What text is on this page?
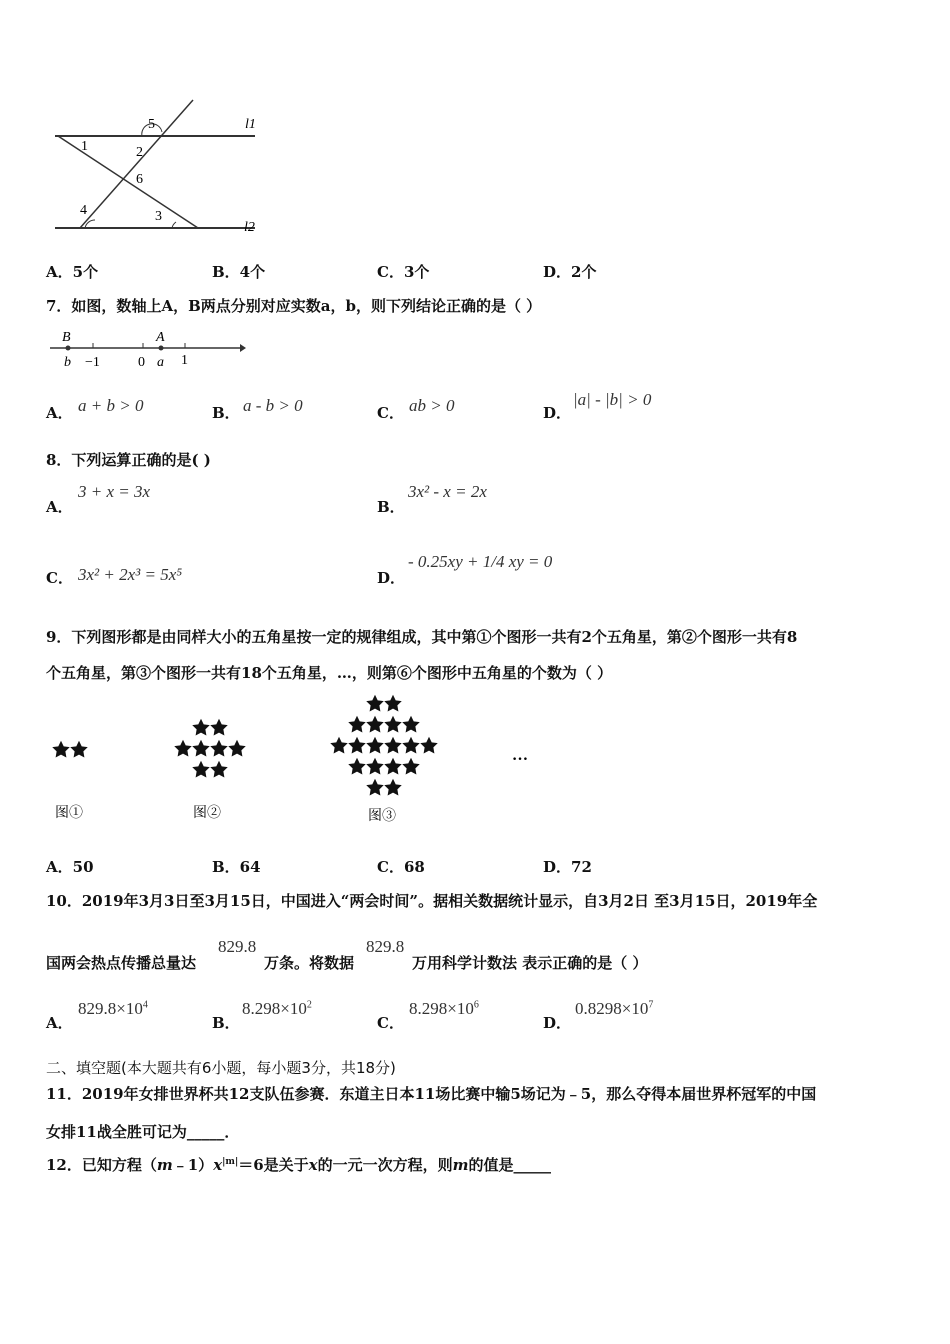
5
1	2
6
4	3
l1
l2
A．5个	B．4个	C．3个	D．2个
7．如图，数轴上A，B两点分别对应实数a，b，则下列结论正确的是（ ）
B
b −1	0
A
a 1
A． a + b > 0	B． a - b > 0	C． ab > 0	D．
|a| - |b| > 0
8．下列运算正确的是( )
A．
3 + x = 3x
B．
3x² - x = 2x
C． 3x² + 2x³ = 5x⁵	D．
- 0.25xy + 1/4 xy = 0
9．下列图形都是由同样大小的五角星按一定的规律组成，其中第①个图形一共有2个五角星，第②个图形一共有8
个五角星，第③个图形一共有18个五角星，…，则第⑥个图形中五角星的个数为（ ）
图①	图②	图③
…
A．50	B．64	C．68	D．72
10．2019年3月3日至3月15日，中国进入“两会时间”。据相关数据统计显示，自3月2日 至3月15日，2019年全
国两会热点传播总量达
829.8
万条。将数据
829.8
万用科学计数法 表示正确的是（ ）
A．
$829.8\times 10^4$
B．
$8.298\times 10^2$
C．
$8.298\times 10^6$
D．
$0.8298\times 10^7$
二、填空题(本大题共有6小题，每小题3分，共18分)
11．2019年女排世界杯共12支队伍参赛．东道主日本11场比赛中输5场记为﹣5，那么夺得本届世界杯冠军的中国
女排11战全胜可记为_____．
12．已知方程$(m﹣1)x^{|m|}=6$是关于x的一元一次方程，则m的值是_____
